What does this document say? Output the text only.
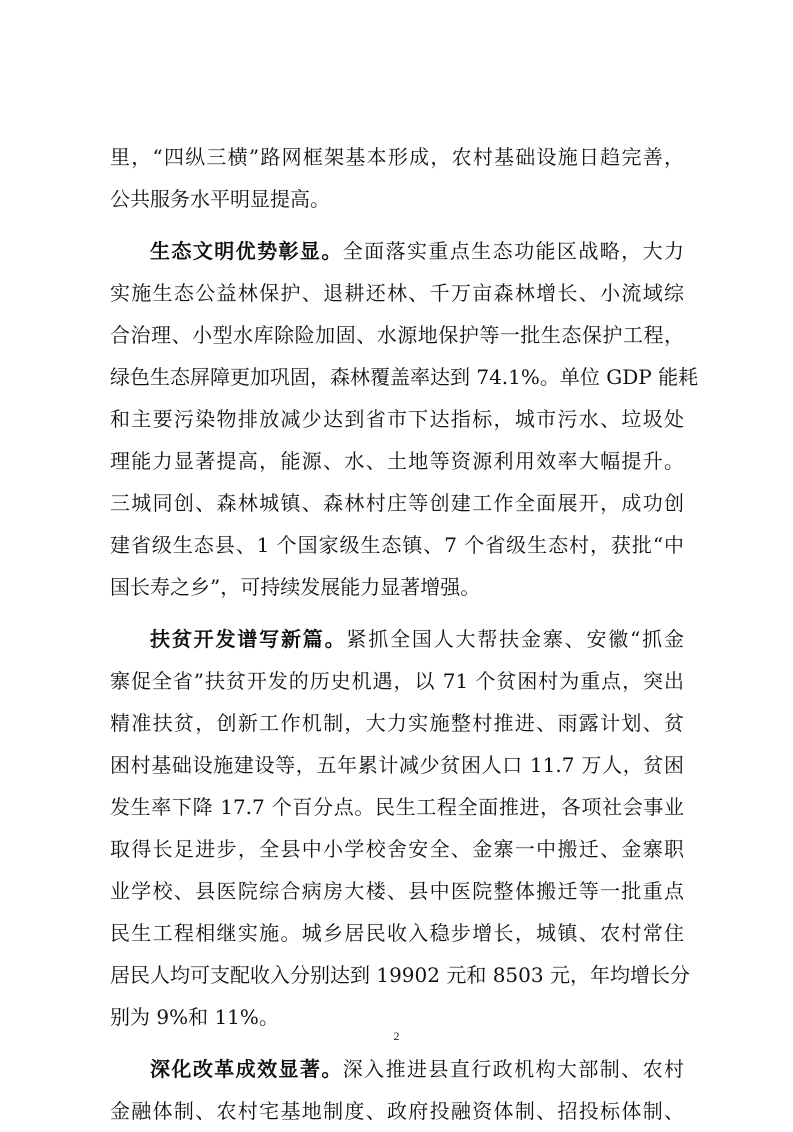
里，“四纵三横”路网框架基本形成，农村基础设施日趋完善，
公共服务水平明显提高。
生态文明优势彰显。全面落实重点生态功能区战略，大力
实施生态公益林保护、退耕还林、千万亩森林增长、小流域综
合治理、小型水库除险加固、水源地保护等一批生态保护工程，
绿色生态屏障更加巩固，森林覆盖率达到 74.1%。单位 GDP 能耗
和主要污染物排放减少达到省市下达指标，城市污水、垃圾处
理能力显著提高，能源、水、土地等资源利用效率大幅提升。
三城同创、森林城镇、森林村庄等创建工作全面展开，成功创
建省级生态县、1 个国家级生态镇、7 个省级生态村，获批“中
国长寿之乡”，可持续发展能力显著增强。
扶贫开发谱写新篇。紧抓全国人大帮扶金寨、安徽“抓金
寨促全省”扶贫开发的历史机遇，以 71 个贫困村为重点，突出
精准扶贫，创新工作机制，大力实施整村推进、雨露计划、贫
困村基础设施建设等，五年累计减少贫困人口 11.7 万人，贫困
发生率下降 17.7 个百分点。民生工程全面推进，各项社会事业
取得长足进步，全县中小学校舍安全、金寨一中搬迁、金寨职
业学校、县医院综合病房大楼、县中医院整体搬迁等一批重点
民生工程相继实施。城乡居民收入稳步增长，城镇、农村常住
居民人均可支配收入分别达到 19902 元和 8503 元，年均增长分
别为 9%和 11%。
深化改革成效显著。深入推进县直行政机构大部制、农村
金融体制、农村宅基地制度、政府投融资体制、招投标体制、
2
